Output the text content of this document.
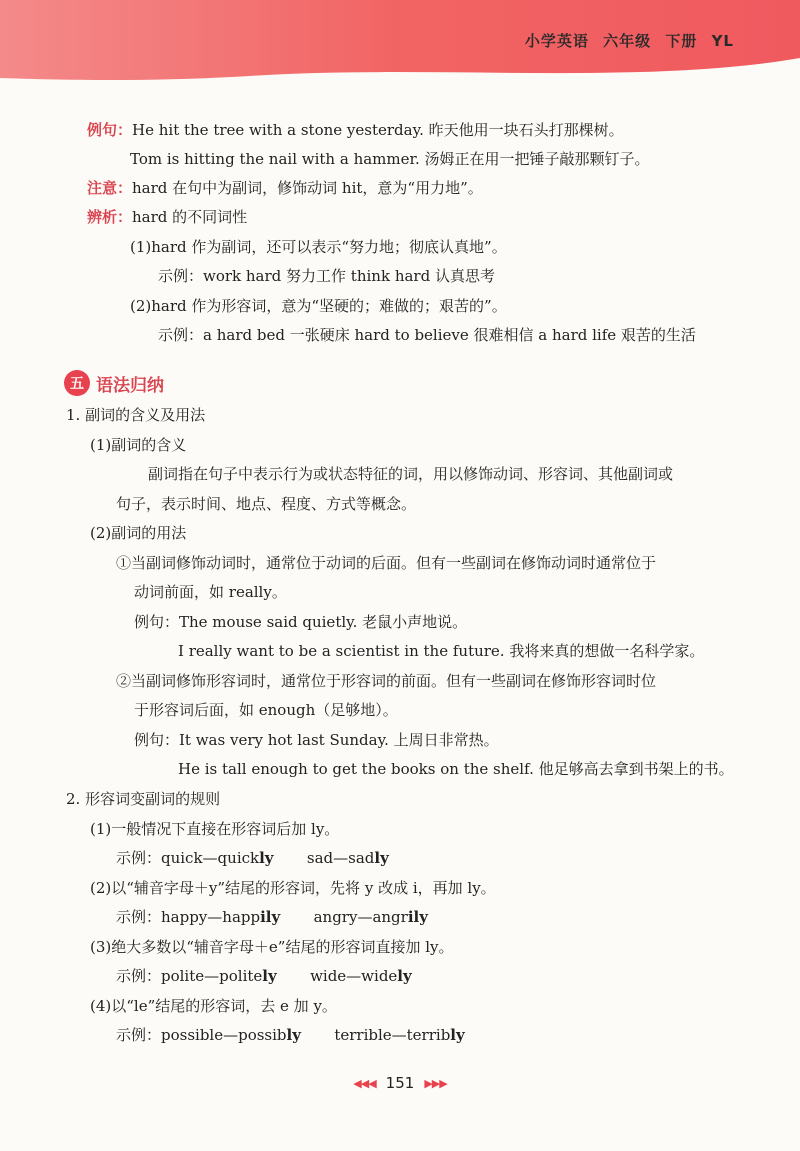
小学英语 六年级 下册 YL
例句：He hit the tree with a stone yesterday. 昨天他用一块石头打那棵树。
Tom is hitting the nail with a hammer. 汤姆正在用一把锤子敲那颗钉子。
注意：hard 在句中为副词，修饰动词 hit，意为“用力地”。
辨析：hard 的不同词性
(1)hard 作为副词，还可以表示“努力地；彻底认真地”。
示例：work hard 努力工作 think hard 认真思考
(2)hard 作为形容词，意为“坚硬的；难做的；艰苦的”。
示例：a hard bed 一张硬床 hard to believe 很难相信 a hard life 艰苦的生活
五 语法归纳
1. 副词的含义及用法
(1)副词的含义
副词指在句子中表示行为或状态特征的词，用以修饰动词、形容词、其他副词或
句子，表示时间、地点、程度、方式等概念。
(2)副词的用法
①当副词修饰动词时，通常位于动词的后面。但有一些副词在修饰动词时通常位于
动词前面，如 really。
例句：The mouse said quietly. 老鼠小声地说。
I really want to be a scientist in the future. 我将来真的想做一名科学家。
②当副词修饰形容词时，通常位于形容词的前面。但有一些副词在修饰形容词时位
于形容词后面，如 enough（足够地）。
例句：It was very hot last Sunday. 上周日非常热。
He is tall enough to get the books on the shelf. 他足够高去拿到书架上的书。
2. 形容词变副词的规则
(1)一般情况下直接在形容词后加 ly。
示例：quick—quickly       sad—sadly
(2)以“辅音字母＋y”结尾的形容词，先将 y 改成 i，再加 ly。
示例：happy—happily       angry—angrily
(3)绝大多数以“辅音字母＋e”结尾的形容词直接加 ly。
示例：polite—politely       wide—widely
(4)以“le”结尾的形容词，去 e 加 y。
示例：possible—possibly       terrible—terribly
◀◀◀ 151 ▶▶▶
